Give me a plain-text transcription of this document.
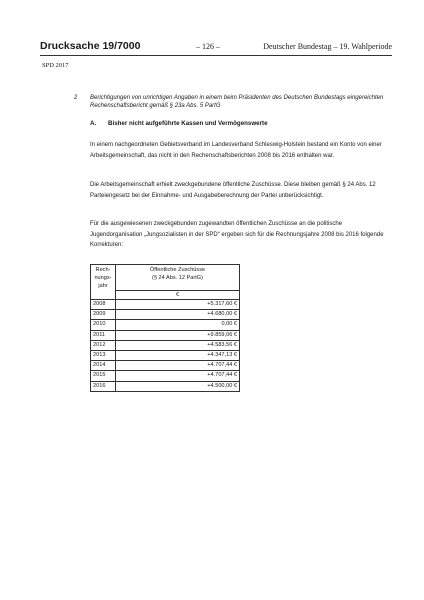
Drucksache 19/7000	– 126 –	Deutscher Bundestag – 19. Wahlperiode
SPD 2017
2 Berichtigungen von unrichtigen Angaben in einem beim Präsidenten des Deutschen Bundestags eingereichten Rechenschaftsbericht gemäß § 23a Abs. 5 PartG
A. Bisher nicht aufgeführte Kassen und Vermögenswerte
In einem nachgeordneten Gebietsverband im Landesverband Schleswig-Holstein bestand ein Konto von einer Arbeitsgemeinschaft, das nicht in den Rechenschaftsberichten 2008 bis 2016 enthalten war.
Die Arbeitsgemeinschaft erhielt zweckgebundene öffentliche Zuschüsse. Diese bleiben gemäß § 24 Abs. 12 Parteiengesetz bei der Einnahme- und Ausgabeberechnung der Partei unberücksichtigt.
Für die ausgewiesenen zweckgebunden zugewandten öffentlichen Zuschüsse an die politische Jugendorganisation „Jungsozialisten in der SPD“ ergeben sich für die Rechnungsjahre 2008 bis 2016 folgende Korrekturen:
Rech-
nungs-
jahr	Öffentliche Zuschüsse
(§ 24 Abs. 12 PartG)
	€
2008	+5.317,60 €
2009	+4.680,00 €
2010	0,00 €
2011	+9.859,06 €
2012	+4.583,56 €
2013	+4.347,13 €
2014	+4.707,44 €
2015	+4.707,44 €
2016	+4.500,00 €
